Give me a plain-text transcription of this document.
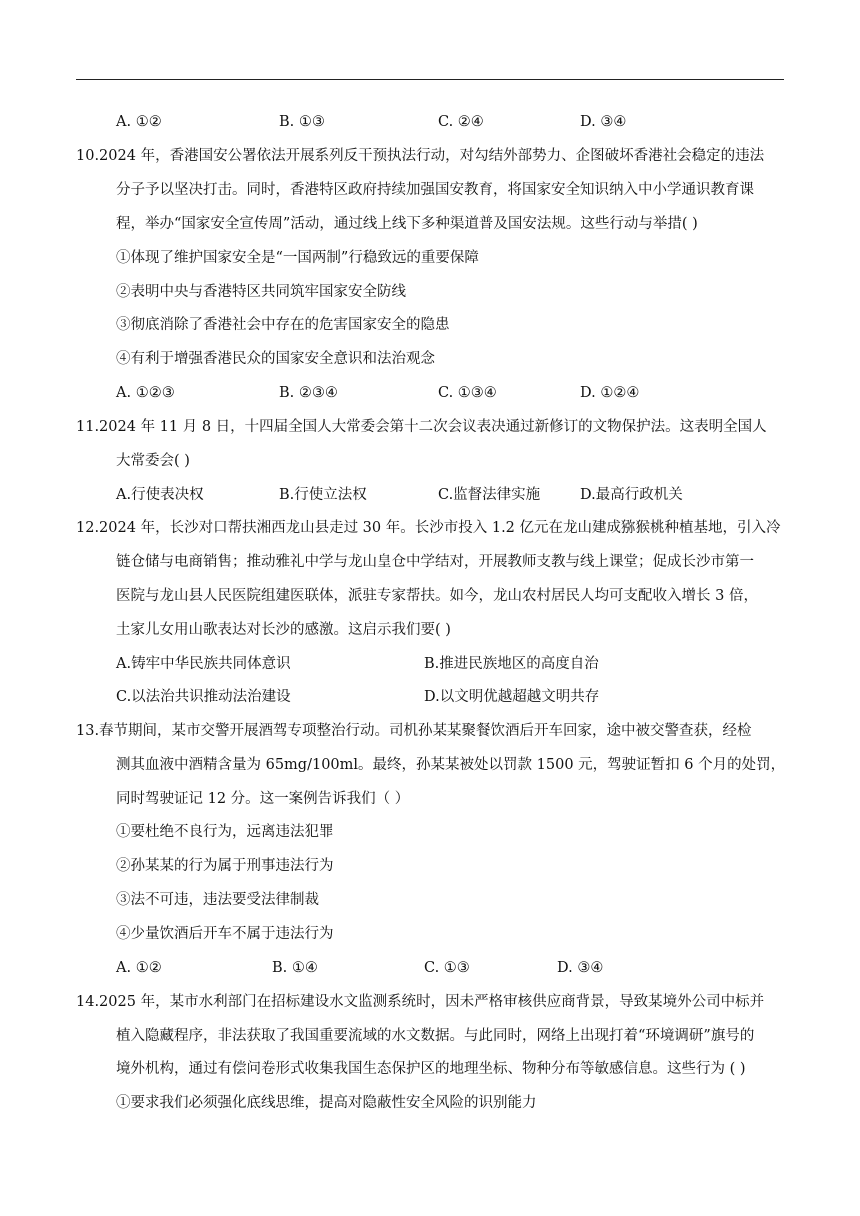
A. ①②	B. ①③	C. ②④	D. ③④
10.2024 年，香港国安公署依法开展系列反干预执法行动，对勾结外部势力、企图破坏香港社会稳定的违法
分子予以坚决打击。同时，香港特区政府持续加强国安教育，将国家安全知识纳入中小学通识教育课
程，举办“国家安全宣传周”活动，通过线上线下多种渠道普及国安法规。这些行动与举措( )
①体现了维护国家安全是“一国两制”行稳致远的重要保障
②表明中央与香港特区共同筑牢国家安全防线
③彻底消除了香港社会中存在的危害国家安全的隐患
④有利于增强香港民众的国家安全意识和法治观念
A. ①②③	B. ②③④	C. ①③④	D. ①②④
11.2024 年 11 月 8 日，十四届全国人大常委会第十二次会议表决通过新修订的文物保护法。这表明全国人
大常委会( )
A.行使表决权	B.行使立法权	C.监督法律实施	D.最高行政机关
12.2024 年，长沙对口帮扶湘西龙山县走过 30 年。长沙市投入 1.2 亿元在龙山建成猕猴桃种植基地，引入冷
链仓储与电商销售；推动雅礼中学与龙山皇仓中学结对，开展教师支教与线上课堂；促成长沙市第一
医院与龙山县人民医院组建医联体，派驻专家帮扶。如今，龙山农村居民人均可支配收入增长 3 倍，
土家儿女用山歌表达对长沙的感激。这启示我们要( )
A.铸牢中华民族共同体意识	B.推进民族地区的高度自治
C.以法治共识推动法治建设	D.以文明优越超越文明共存
13.春节期间，某市交警开展酒驾专项整治行动。司机孙某某聚餐饮酒后开车回家，途中被交警查获，经检
测其血液中酒精含量为 65mg/100ml。最终，孙某某被处以罚款 1500 元，驾驶证暂扣 6 个月的处罚，
同时驾驶证记 12 分。这一案例告诉我们（ ）
①要杜绝不良行为，远离违法犯罪
②孙某某的行为属于刑事违法行为
③法不可违，违法要受法律制裁
④少量饮酒后开车不属于违法行为
A. ①②	B. ①④	C. ①③	D. ③④
14.2025 年，某市水利部门在招标建设水文监测系统时，因未严格审核供应商背景，导致某境外公司中标并
植入隐藏程序，非法获取了我国重要流域的水文数据。与此同时，网络上出现打着“环境调研”旗号的
境外机构，通过有偿问卷形式收集我国生态保护区的地理坐标、物种分布等敏感信息。这些行为 ( )
①要求我们必须强化底线思维，提高对隐蔽性安全风险的识别能力
